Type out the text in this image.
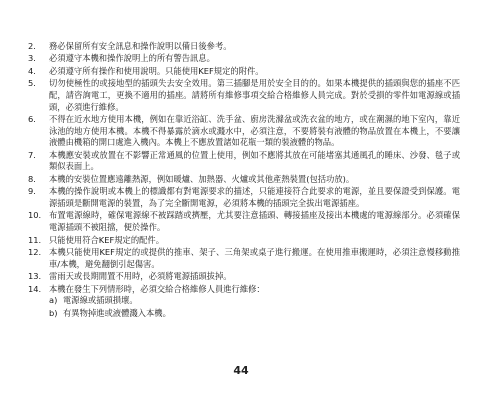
2.	務必保留所有安全訊息和操作說明以備日後參考。
3.	必須遵守本機和操作說明上的所有警告訊息。
4.	必須遵守所有操作和使用說明。只能使用KEF規定的附件。
5.	切勿使極性的或接地型的插頭失去安全效用。第三插腳是用於安全目的的。如果本機提供的插頭與您的插座不匹配，請咨詢電工，更換不適用的插座。請將所有維修事項交給合格維修人員完成。對於受損的零件如電源線或插頭，必須進行維修。
6.	不得在近水地方使用本機，例如在靠近浴缸、洗手盆、廚房洗滌盆或洗衣盆的地方，或在潮濕的地下室內，靠近泳池的地方使用本機。本機不得暴露於滴水或濺水中，必須注意，不要將裝有液體的物品放置在本機上，不要讓液體由機箱的開口處進入機內。本機上不應放置諸如花瓶一類的裝液體的物品。
7.	本機應安裝或放置在不影響正常通風的位置上使用，例如不應將其放在可能堵塞其通風孔的睡床、沙發、毯子或類似表面上。
8.	本機的安裝位置應遠離熱源，例如暖爐、加熱器、火爐或其他產熱裝置(包括功放)。
9.	本機的操作說明或本機上的標識都有對電源要求的描述，只能連接符合此要求的電源，並且要保證受到保護。電源插頭是斷開電源的裝置，為了完全斷開電源，必須將本機的插頭完全拔出電源插座。
10. 布置電源線時，確保電源線不被踩踏或擠壓，尤其要注意插頭、轉接插座及接出本機處的電源線部分。必須確保電源插頭不被阻擋，便於操作。
11. 只能使用符合KEF規定的配件。
12. 本機只能使用KEF規定的或提供的推車、架子、三角架或桌子進行搬運。在使用推車搬運時，必須注意慢移動推車/本機，避免翻倒引起傷害。
13. 雷雨天或長期閒置不用時，必須將電源插頭拔掉。
14. 本機在發生下列情形時，必須交給合格維修人員進行維修：
a) 電源線或插頭損壞。
b) 有異物掉進或液體濺入本機。
44
